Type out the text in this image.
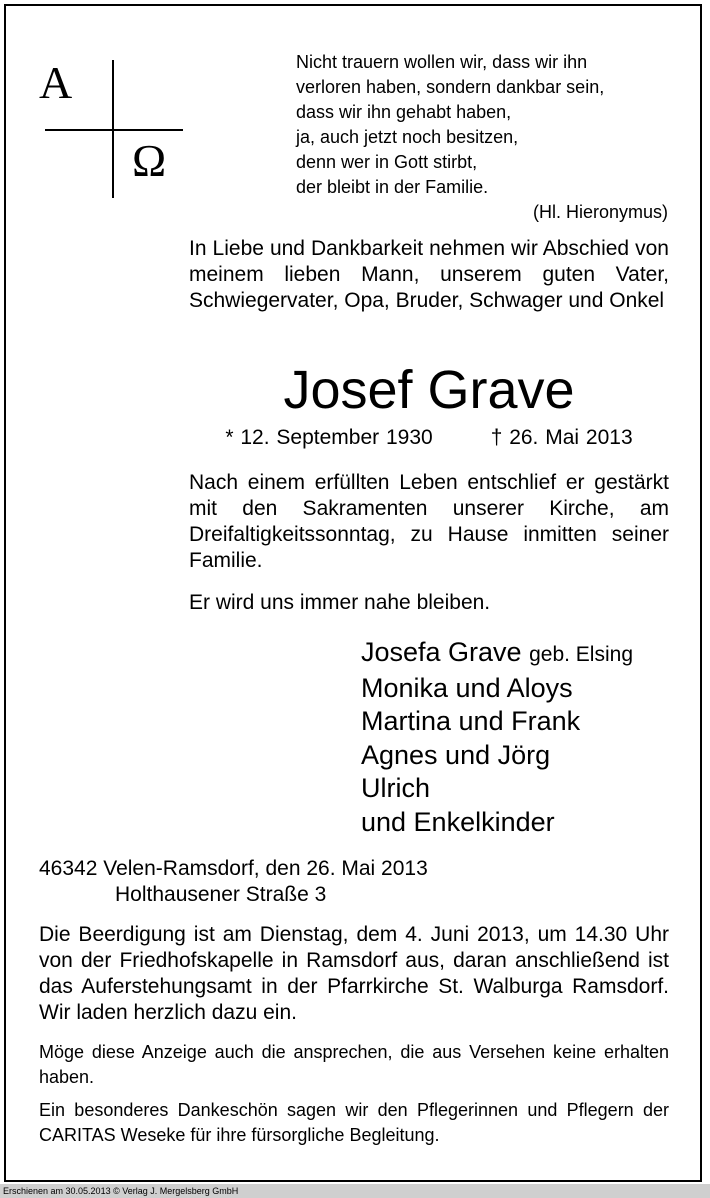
A
Ω
Nicht trauern wollen wir, dass wir ihn
verloren haben, sondern dankbar sein,
dass wir ihn gehabt haben,
ja, auch jetzt noch besitzen,
denn wer in Gott stirbt,
der bleibt in der Familie.
(Hl. Hieronymus)
In Liebe und Dankbarkeit nehmen wir Abschied von meinem lieben Mann, unserem guten Vater, Schwiegervater, Opa, Bruder, Schwager und Onkel
Josef Grave
* 12. September 1930	† 26. Mai 2013
Nach einem erfüllten Leben entschlief er gestärkt mit den Sakramenten unserer Kirche, am Dreifaltigkeitssonntag, zu Hause inmitten seiner Familie.
Er wird uns immer nahe bleiben.
Josefa Grave geb. Elsing
Monika und Aloys
Martina und Frank
Agnes und Jörg
Ulrich
und Enkelkinder
46342 Velen-Ramsdorf, den 26. Mai 2013
Holthausener Straße 3
Die Beerdigung ist am Dienstag, dem 4. Juni 2013, um 14.30 Uhr von der Friedhofskapelle in Ramsdorf aus, daran anschließend ist das Auferstehungsamt in der Pfarrkirche St. Walburga Ramsdorf. Wir laden herzlich dazu ein.
Möge diese Anzeige auch die ansprechen, die aus Versehen keine erhalten haben.
Ein besonderes Dankeschön sagen wir den Pflegerinnen und Pflegern der CARITAS Weseke für ihre fürsorgliche Begleitung.
Erschienen am 30.05.2013 © Verlag J. Mergelsberg GmbH
